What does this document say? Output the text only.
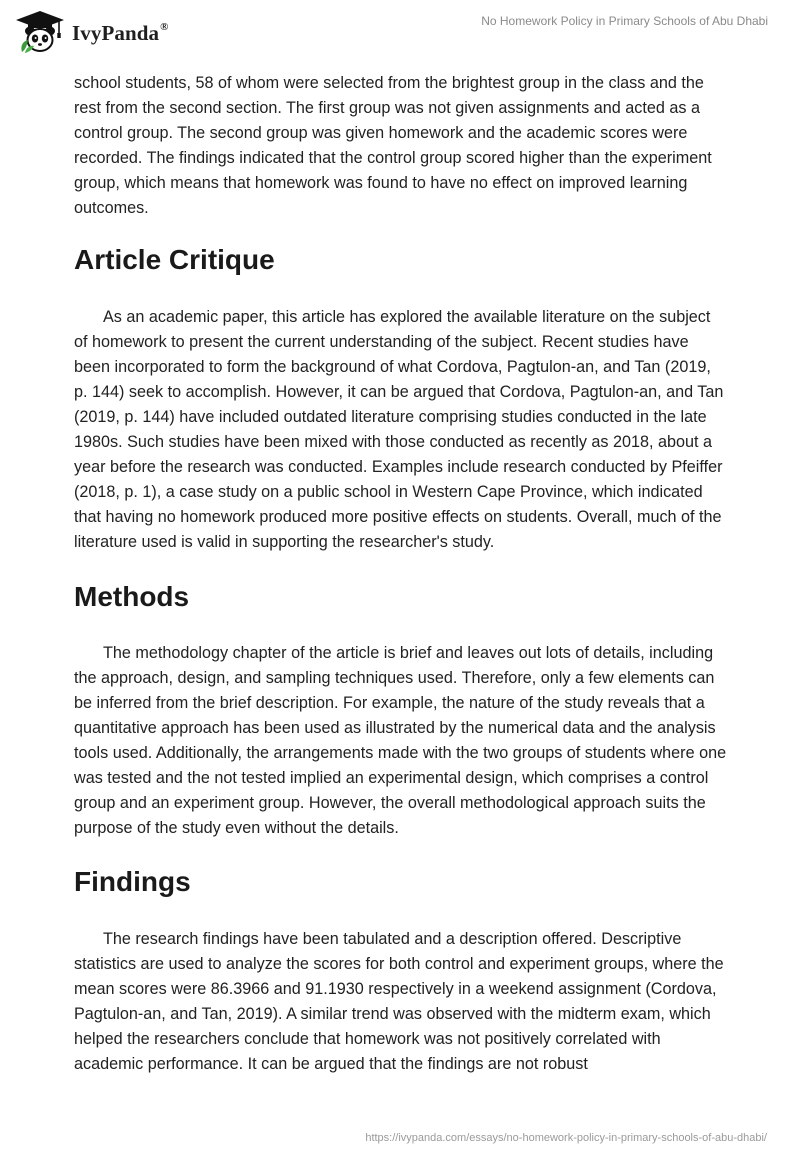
IvyPanda®	No Homework Policy in Primary Schools of Abu Dhabi

school students, 58 of whom were selected from the brightest group in the class and the rest from the second section. The first group was not given assignments and acted as a control group. The second group was given homework and the academic scores were recorded. The findings indicated that the control group scored higher than the experiment group, which means that homework was found to have no effect on improved learning outcomes.

Article Critique

As an academic paper, this article has explored the available literature on the subject of homework to present the current understanding of the subject. Recent studies have been incorporated to form the background of what Cordova, Pagtulon-an, and Tan (2019, p. 144) seek to accomplish. However, it can be argued that Cordova, Pagtulon-an, and Tan (2019, p. 144) have included outdated literature comprising studies conducted in the late 1980s. Such studies have been mixed with those conducted as recently as 2018, about a year before the research was conducted. Examples include research conducted by Pfeiffer (2018, p. 1), a case study on a public school in Western Cape Province, which indicated that having no homework produced more positive effects on students. Overall, much of the literature used is valid in supporting the researcher's study.

Methods

The methodology chapter of the article is brief and leaves out lots of details, including the approach, design, and sampling techniques used. Therefore, only a few elements can be inferred from the brief description. For example, the nature of the study reveals that a quantitative approach has been used as illustrated by the numerical data and the analysis tools used. Additionally, the arrangements made with the two groups of students where one was tested and the not tested implied an experimental design, which comprises a control group and an experiment group. However, the overall methodological approach suits the purpose of the study even without the details.

Findings

The research findings have been tabulated and a description offered. Descriptive statistics are used to analyze the scores for both control and experiment groups, where the mean scores were 86.3966 and 91.1930 respectively in a weekend assignment (Cordova, Pagtulon-an, and Tan, 2019). A similar trend was observed with the midterm exam, which helped the researchers conclude that homework was not positively correlated with academic performance. It can be argued that the findings are not robust

https://ivypanda.com/essays/no-homework-policy-in-primary-schools-of-abu-dhabi/
